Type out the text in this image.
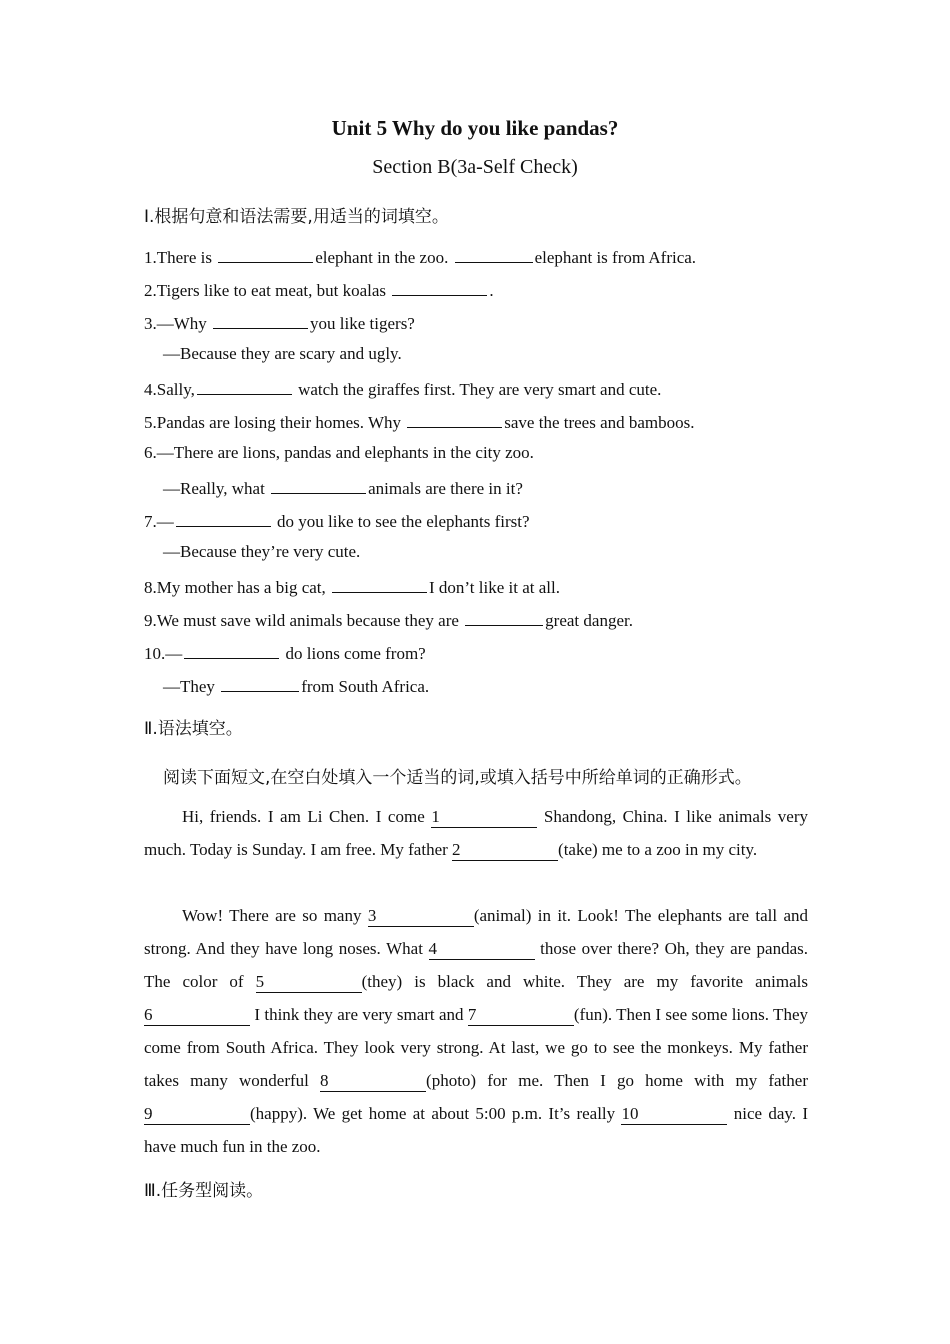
Unit 5 Why do you like pandas?
Section B(3a-Self Check)
Ⅰ.根据句意和语法需要,用适当的词填空。
1.There is	elephant in the zoo.	elephant is from Africa.
2.Tigers like to eat meat, but koalas	.
3.—Why	you like tigers?
—Because they are scary and ugly.
4.Sally,	watch the giraffes first. They are very smart and cute.
5.Pandas are losing their homes. Why	save the trees and bamboos.
6.—There are lions, pandas and elephants in the city zoo.
—Really, what	animals are there in it?
7.—	do you like to see the elephants first?
—Because they’re very cute.
8.My mother has a big cat,	I don’t like it at all.
9.We must save wild animals because they are	great danger.
10.—	do lions come from?
—They	from South Africa.
Ⅱ.语法填空。
阅读下面短文,在空白处填入一个适当的词,或填入括号中所给单词的正确形式。

Hi, friends. I am Li Chen. I come 1	Shandong, China. I like animals very much. Today is Sunday. I am free. My father 2	(take) me to a zoo in my city.

Wow! There are so many 3	(animal) in it. Look! The elephants are tall and strong. And they have long noses. What 4	those over there? Oh, they are pandas. The color of 5	(they) is black and white. They are my favorite animals 6	I think they are very smart and 7	(fun). Then I see some lions. They come from South Africa. They look very strong. At last, we go to see the monkeys. My father takes many wonderful 8	(photo) for me. Then I go home with my father 9	(happy). We get home at about 5:00 p.m. It’s really 10	nice day. I have much fun in the zoo.

Ⅲ.任务型阅读。
